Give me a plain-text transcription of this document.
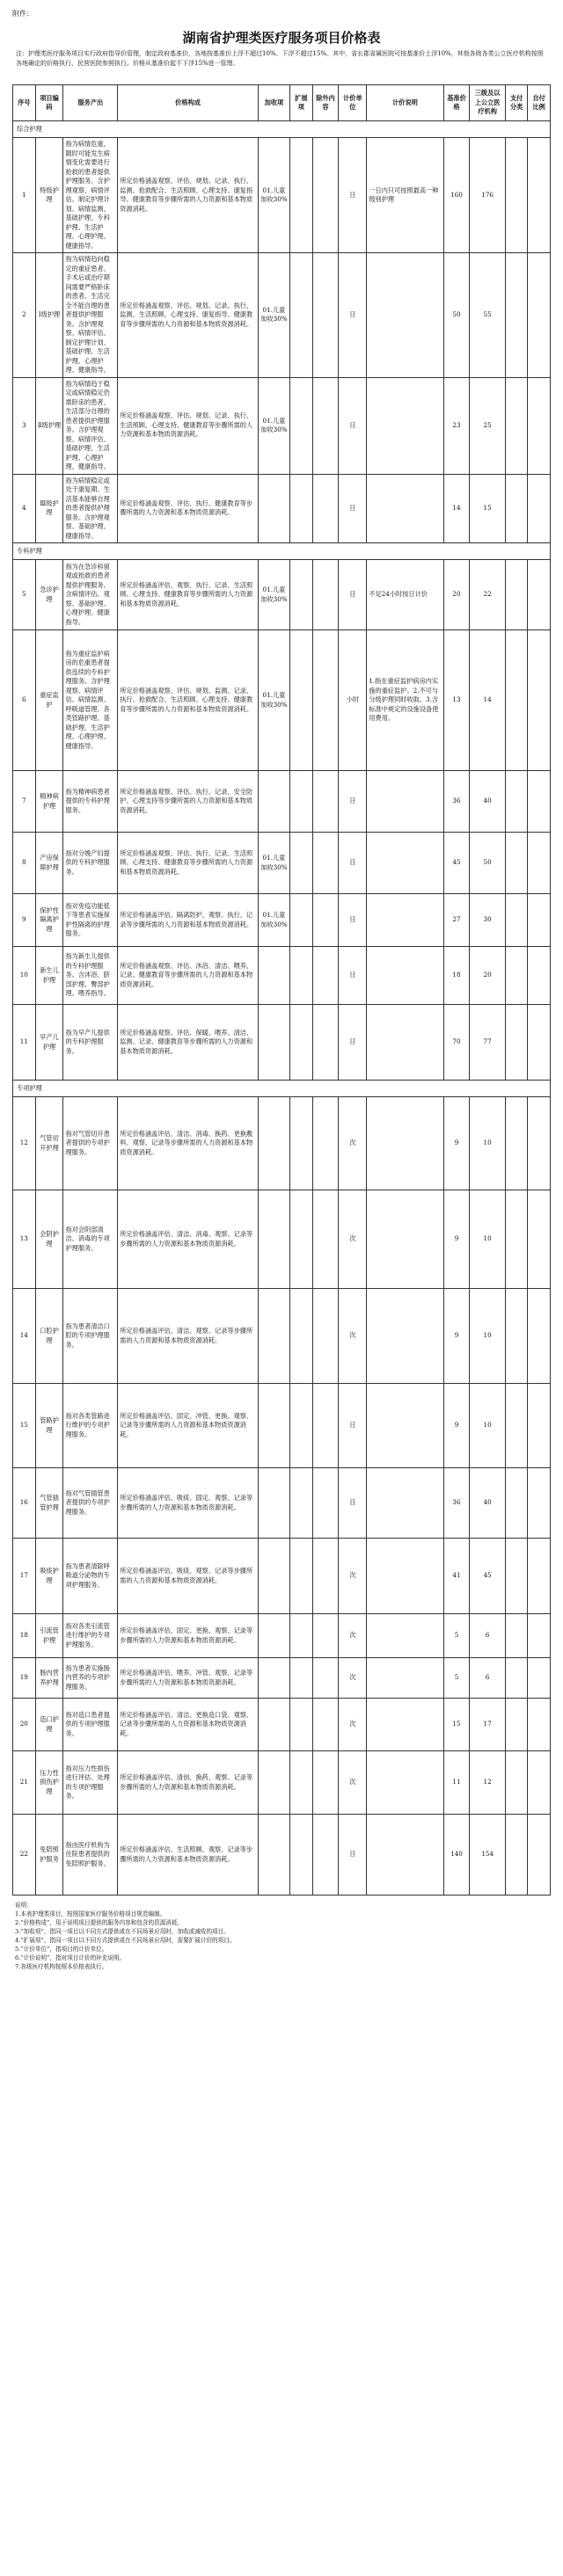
附件：
湖南省护理类医疗服务项目价格表
注：护理类医疗服务项目实行政府指导价管理，制定政府基准价，各地按基准价上浮不超过10%、下浮不超过15%。其中，省长郡省属医院可按基准价上浮10%，其他各级各类公立医疗机构按照各地确定的价格执行，民营医院参照执行。价格从基准价起不下浮15%进一管理。
序号	项目编码	服务产出	价格构成	加收项	扩展项	除外内容	计价单位	计价说明	基准价格	三级及以上公立医疗机构	支付分类	自付比例
综合护理												
1	特级护理	指为病情危重，随时可能发生病情变化需要进行抢救的患者提供护理服务。含护理观察、病情评估、制定护理计划、病情监测、基础护理、专科护理、生活护理、心理护理、健康指导。	所定价格涵盖观察、评估、规划、记录、执行、监测、抢救配合、生活照顾、心理支持、康复指导、健康教育等步骤所需的人力资源和基本物质资源消耗。	01.儿童加收30%			日	一日内只可按照最高一种级别护理	160	176		
2	Ⅰ级护理	指为病情趋向稳定的重症患者、手术后或治疗期间需要严格卧床的患者、生活完全不能自理的患者提供护理服务。含护理观察、病情评估、制定护理计划、基础护理、生活护理、心理护理、健康指导。	所定价格涵盖观察、评估、规划、记录、执行、监测、生活照顾、心理支持、康复指导、健康教育等步骤所需的人力资源和基本物质资源消耗。	01.儿童加收30%			日		50	55		
3	Ⅱ级护理	指为病情趋于稳定或病情稳定仍需卧床的患者、生活部分自理的患者提供护理服务。含护理观察、病情评估、基础护理、生活护理、心理护理、健康指导。	所定价格涵盖观察、评估、规划、记录、执行、生活照顾、心理支持、健康教育等步骤所需的人力资源和基本物质资源消耗。	01.儿童加收30%			日		23	25		
4	Ⅲ级护理	指为病情稳定或处于康复期、生活基本能够自理的患者提供护理服务。含护理观察、基础护理、健康指导。	所定价格涵盖观察、评估、执行、健康教育等步骤所需的人力资源和基本物质资源消耗。				日		14	15		
专科护理												
5	急诊护理	指为在急诊科留观或抢救的患者提供护理服务。含病情评估、观察、基础护理、心理护理、健康指导。	所定价格涵盖评估、观察、执行、记录、生活照顾、心理支持、健康教育等步骤所需的人力资源和基本物质资源消耗。	01.儿童加收30%			日	不足24小时按日计价	20	22		
6	重症监护	指为重症监护病房的危重患者提供连续的专科护理服务。含护理观察、病情评估、病情监测、呼吸道管理、各类管路护理、基础护理、生活护理、心理护理、健康指导。	所定价格涵盖观察、评估、规划、监测、记录、执行、抢救配合、生活照顾、心理支持、健康教育等步骤所需的人力资源和基本物质资源消耗。	01.儿童加收30%			小时	1.指在重症监护病房内实施的重症监护。2.不可与分级护理同时收取。3.含标准中规定的设施设备使用费用。	13	14		
7	精神病护理	指为精神病患者提供的专科护理服务。	所定价格涵盖观察、评估、执行、记录、安全防护、心理支持等步骤所需的人力资源和基本物质资源消耗。				日		36	40		
8	产房保障护理	指对分娩产妇提供的专科护理服务。	所定价格涵盖观察、评估、执行、记录、生活照顾、心理支持、健康教育等步骤所需的人力资源和基本物质资源消耗。	01.儿童加收30%			日		45	50		
9	保护性隔离护理	指对免疫功能低下等患者实施保护性隔离的护理服务。	所定价格涵盖评估、隔离防护、观察、执行、记录等步骤所需的人力资源和基本物质资源消耗。	01.儿童加收30%			日		27	30		
10	新生儿护理	指为新生儿提供的专科护理服务。含沐浴、脐部护理、臀部护理、喂养指导。	所定价格涵盖观察、评估、沐浴、清洁、喂养、记录、健康教育等步骤所需的人力资源和基本物质资源消耗。				日		18	20		
11	早产儿护理	指为早产儿提供的专科护理服务。	所定价格涵盖观察、评估、保暖、喂养、清洁、监测、记录、健康教育等步骤所需的人力资源和基本物质资源消耗。				日		70	77		
专项护理												
12	气管切开护理	指对气管切开患者提供的专项护理服务。	所定价格涵盖评估、清洁、消毒、换药、更换敷料、观察、记录等步骤所需的人力资源和基本物质资源消耗。				次		9	10		
13	会阴护理	指对会阴部清洁、消毒的专项护理服务。	所定价格涵盖评估、清洁、消毒、观察、记录等步骤所需的人力资源和基本物质资源消耗。				次		9	10		
14	口腔护理	指为患者清洁口腔的专项护理服务。	所定价格涵盖评估、清洁、观察、记录等步骤所需的人力资源和基本物质资源消耗。				次		9	10		
15	管路护理	指对各类管路进行维护的专项护理服务。	所定价格涵盖评估、固定、冲管、更换、观察、记录等步骤所需的人力资源和基本物质资源消耗。				日		9	10		
16	气管插管护理	指对气管插管患者提供的专项护理服务。	所定价格涵盖评估、吸痰、固定、观察、记录等步骤所需的人力资源和基本物质资源消耗。				日		36	40		
17	吸痰护理	指为患者清除呼吸道分泌物的专项护理服务。	所定价格涵盖评估、吸痰、观察、记录等步骤所需的人力资源和基本物质资源消耗。				次		41	45		
18	引流管护理	指对各类引流管进行维护的专项护理服务。	所定价格涵盖评估、固定、更换、观察、记录等步骤所需的人力资源和基本物质资源消耗。				次		5	6		
19	肠内营养护理	指为患者实施肠内营养的专项护理服务。	所定价格涵盖评估、喂养、冲管、观察、记录等步骤所需的人力资源和基本物质资源消耗。				次		5	6		
20	造口护理	指对造口患者提供的专项护理服务。	所定价格涵盖评估、清洁、更换造口袋、观察、记录等步骤所需的人力资源和基本物质资源消耗。				次		15	17		
21	压力性损伤护理	指对压力性损伤进行评估、处理的专项护理服务。	所定价格涵盖评估、清创、换药、观察、记录等步骤所需的人力资源和基本物质资源消耗。				次		11	12		
22	免陪照护服务	指由医疗机构为住院患者提供的免陪照护服务。	所定价格涵盖评估、生活照顾、观察、记录等步骤所需的人力资源和基本物质资源消耗。				日		140	154		

说明：

1.本表护理类项目，按照国家医疗服务价格项目规范编制。

2.“价格构成”，用于说明项目提供的服务内容和包含的资源消耗。

3.“加收项”，指同一项目以不同方式提供或在不同场景应用时，加收或减收的项目。

4.“扩展项”，指同一项目以不同方式提供或在不同场景应用时，需要扩展计价的项目。

5.“计价单位”，指项目的计价单位。

6.“计价说明”，指对项目计价的补充说明。

7.各级医疗机构按照本价格表执行。
